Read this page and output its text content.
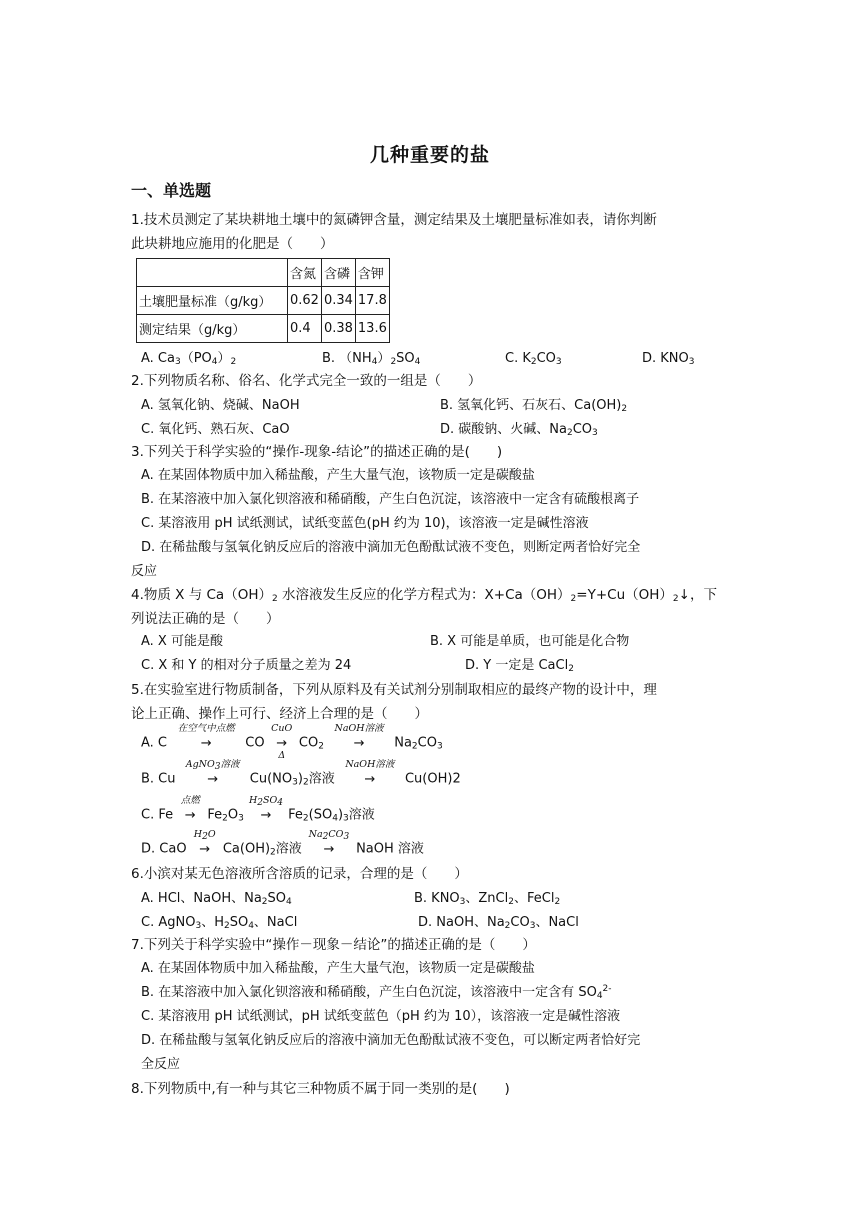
几种重要的盐
一、单选题
1.技术员测定了某块耕地土壤中的氮磷钾含量，测定结果及土壤肥量标准如表，请你判断
此块耕地应施用的化肥是（　　）
	含氮	含磷	含钾
土壤肥量标准（g/kg）	0.62	0.34	17.8
测定结果（g/kg）	0.4	0.38	13.6
A. $Ca_3(PO_4)_2$	B. $(NH_4)_2SO_4$	C. $K_2CO_3$	D. $KNO_3$
2.下列物质名称、俗名、化学式完全一致的一组是（　　）
A. 氢氧化钠、烧碱、NaOH	B. 氢氧化钙、石灰石、$Ca(OH)_2$
C. 氧化钙、熟石灰、CaO	D. 碳酸钠、火碱、$Na_2CO_3$
3.下列关于科学实验的“操作-现象-结论”的描述正确的是(　　)
A. 在某固体物质中加入稀盐酸，产生大量气泡，该物质一定是碳酸盐
B. 在某溶液中加入氯化钡溶液和稀硝酸，产生白色沉淀，该溶液中一定含有硫酸根离子
C. 某溶液用 pH 试纸测试，试纸变蓝色(pH 约为 10)，该溶液一定是碱性溶液
D. 在稀盐酸与氢氧化钠反应后的溶液中滴加无色酚酞试液不变色，则断定两者恰好完全
反应
4.物质 X 与 $Ca(OH)_2$ 水溶液发生反应的化学方程式为：$X+Ca(OH)_2=Y+Cu(OH)_2↓$，下
列说法正确的是（　　）
A. X 可能是酸	B. X 可能是单质，也可能是化合物
C. X 和 Y 的相对分子质量之差为 24	D. Y 一定是 CaCl$_2$
5.在实验室进行物质制备，下列从原料及有关试剂分别制取相应的最终产物的设计中，理
论上正确、操作上可行、经济上合理的是（　　）
A. C
在空气中点燃
→	CO
CuO
→
Δ
$CO_2$
NaOH溶液
→	$Na_2CO_3$
B. Cu
AgNO$_3$溶液
→	$Cu(NO_3)_2$溶液
NaOH溶液
→	Cu(OH)2
C. Fe
点燃
→ $Fe_2O_3$
$H_2SO_4$
→	$Fe_2(SO_4)_3$溶液
D. CaO
$H_2O$
→ $Ca(OH)_2$溶液
$Na_2CO_3$
→	NaOH 溶液
6.小滨对某无色溶液所含溶质的记录，合理的是（　　）
A. HCl、NaOH、$Na_2SO_4$	B. $KNO_3$、ZnCl$_2$、FeCl$_2$
C. AgNO$_3$、$H_2SO_4$、NaCl	D. NaOH、$Na_2CO_3$、NaCl
7.下列关于科学实验中“操作－现象－结论”的描述正确的是（　　）
A. 在某固体物质中加入稀盐酸，产生大量气泡，该物质一定是碳酸盐
B. 在某溶液中加入氯化钡溶液和稀硝酸，产生白色沉淀，该溶液中一定含有 $SO_4^{2-}$
C. 某溶液用 pH 试纸测试，pH 试纸变蓝色（pH 约为 10），该溶液一定是碱性溶液
D. 在稀盐酸与氢氧化钠反应后的溶液中滴加无色酚酞试液不变色，可以断定两者恰好完
全反应
8.下列物质中,有一种与其它三种物质不属于同一类别的是(　　)
